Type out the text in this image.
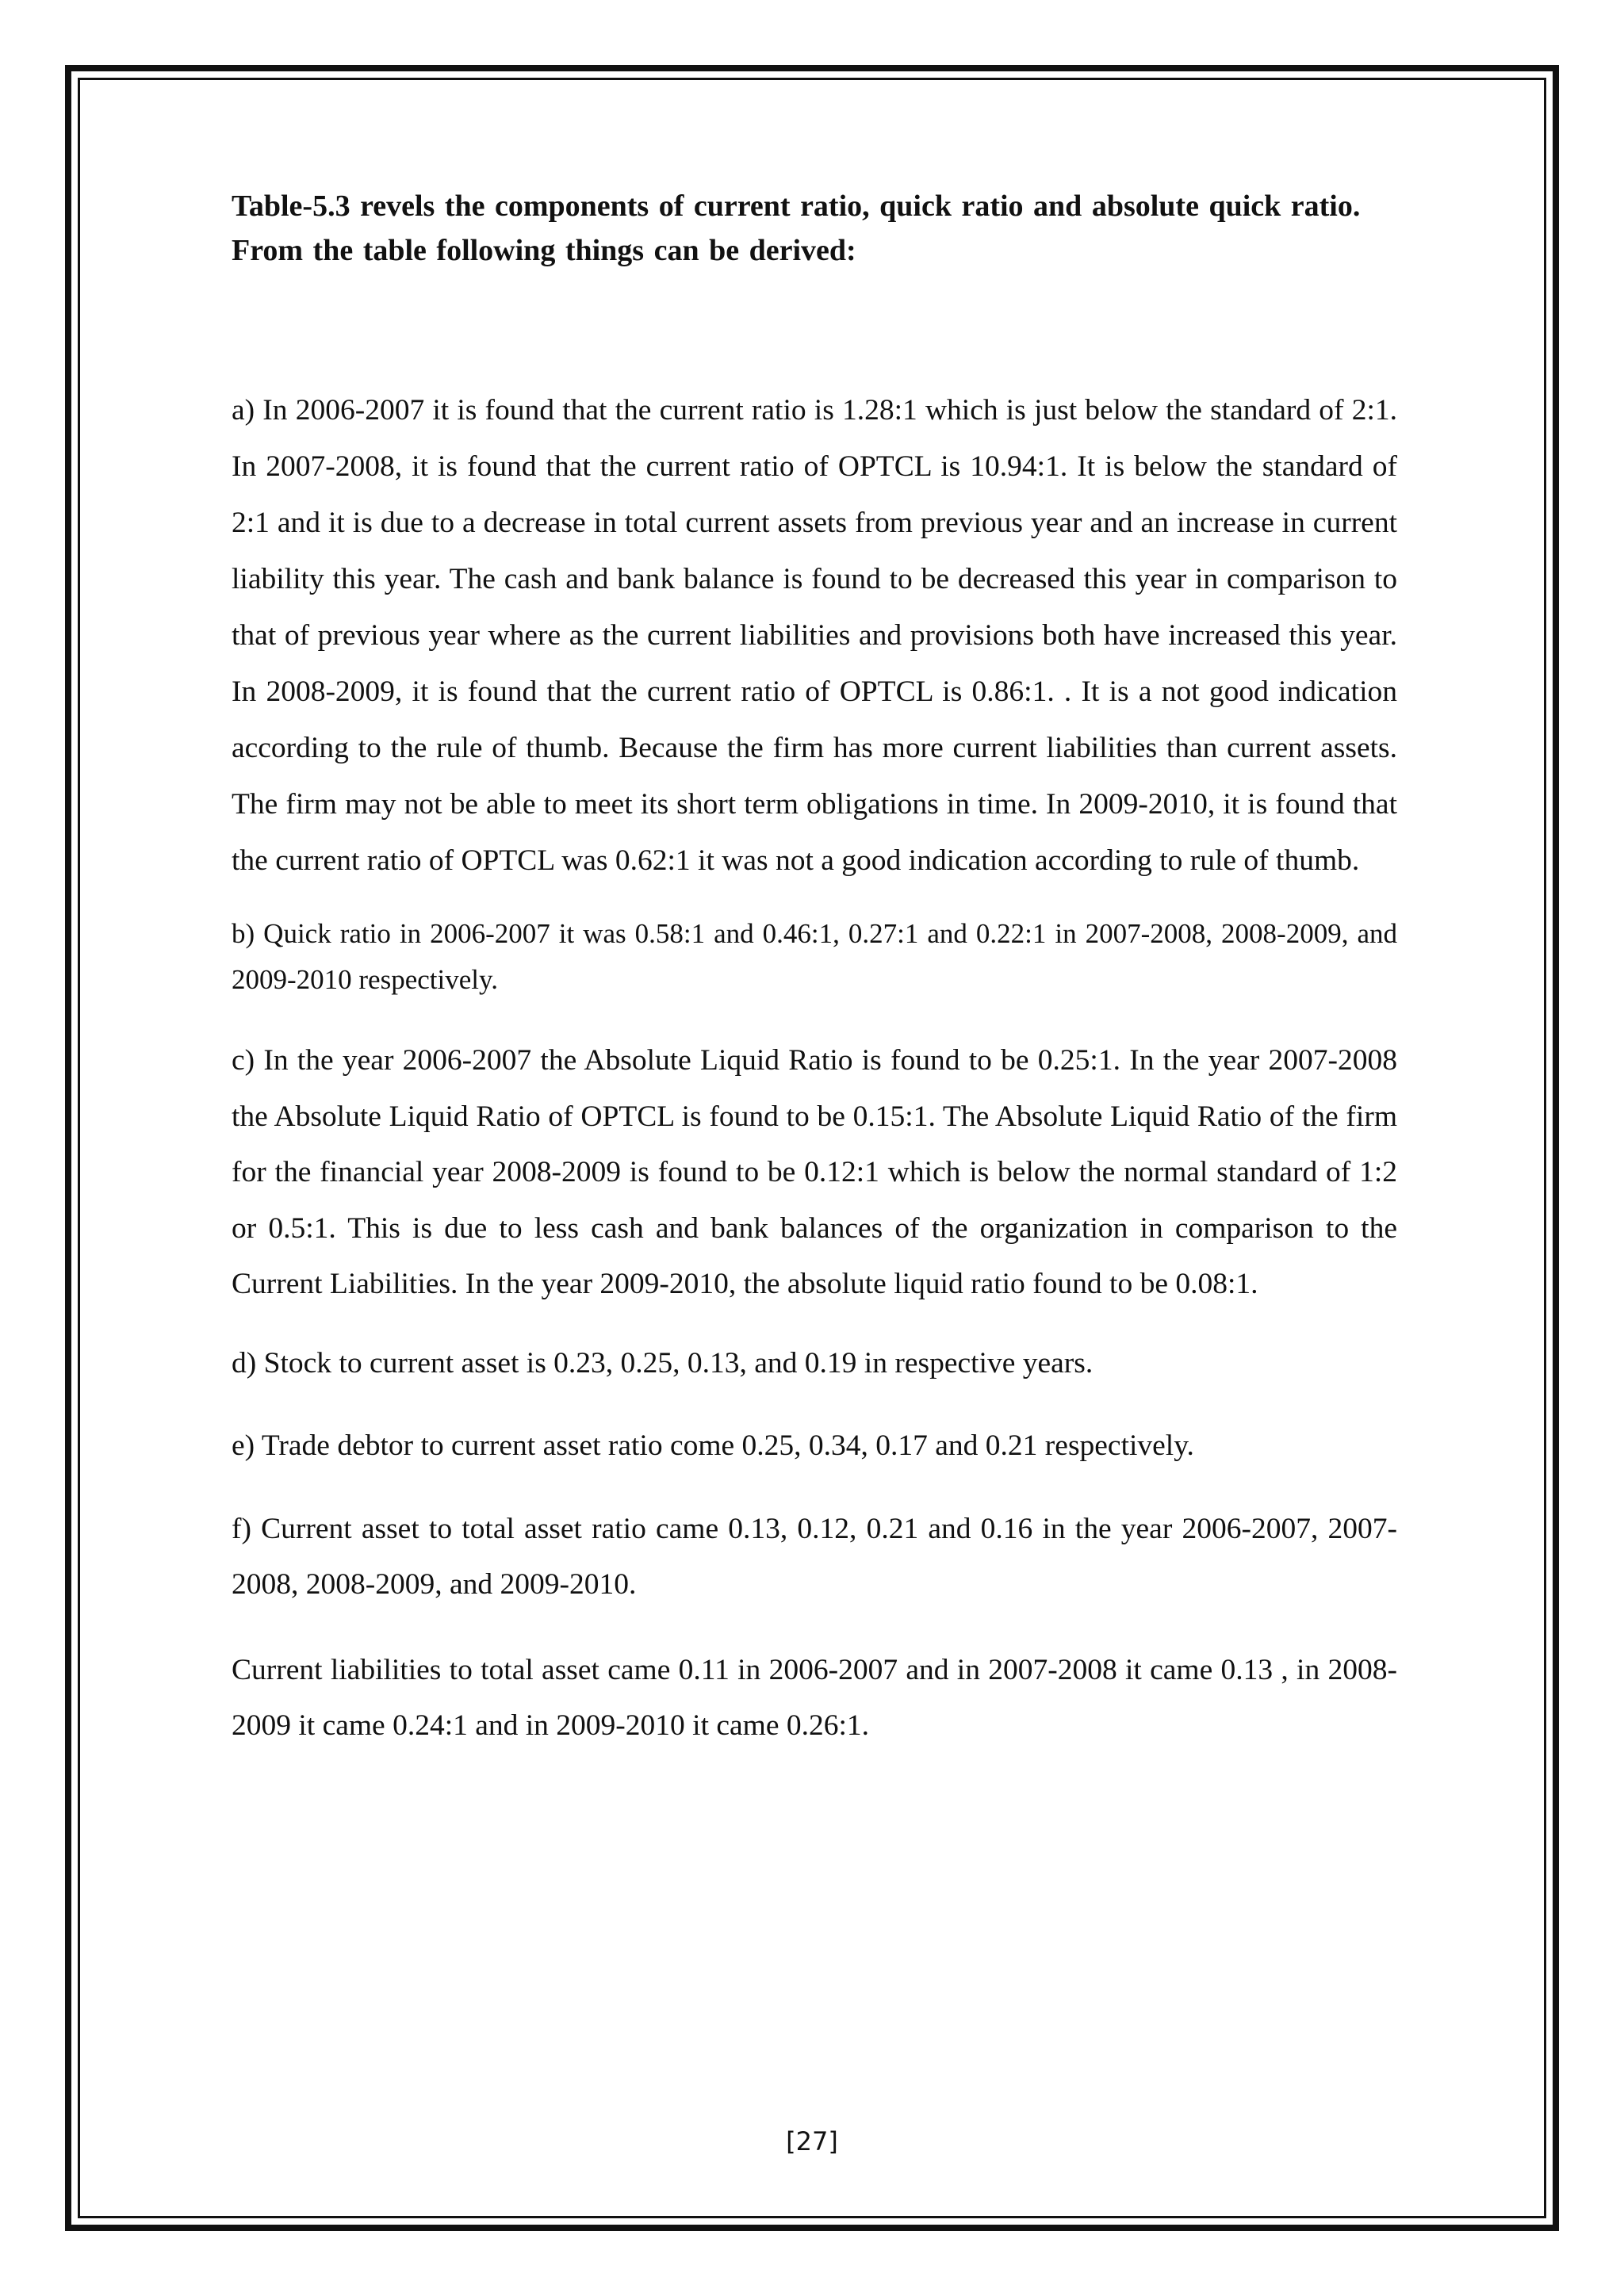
Table-5.3 revels the components of current ratio, quick ratio and absolute quick ratio. From the table following things can be derived:

a) In 2006-2007 it is found that the current ratio is 1.28:1 which is just below the standard of 2:1. In 2007-2008, it is found that the current ratio of OPTCL is 10.94:1. It is below the standard of 2:1 and it is due to a decrease in total current assets from previous year and an increase in current liability this year. The cash and bank balance is found to be decreased this year in comparison to that of previous year where as the current liabilities and provisions both have increased this year. In 2008-2009, it is found that the current ratio of OPTCL is 0.86:1. . It is a not good indication according to the rule of thumb. Because the firm has more current liabilities than current assets. The firm may not be able to meet its short term obligations in time. In 2009-2010, it is found that the current ratio of OPTCL was 0.62:1 it was not a good indication according to rule of thumb.

b) Quick ratio in 2006-2007 it was 0.58:1 and 0.46:1, 0.27:1 and 0.22:1 in 2007-2008, 2008-2009, and 2009-2010 respectively.

c) In the year 2006-2007 the Absolute Liquid Ratio is found to be 0.25:1. In the year 2007-2008 the Absolute Liquid Ratio of OPTCL is found to be 0.15:1. The Absolute Liquid Ratio of the firm for the financial year 2008-2009 is found to be 0.12:1 which is below the normal standard of 1:2 or 0.5:1. This is due to less cash and bank balances of the organization in comparison to the Current Liabilities. In the year 2009-2010, the absolute liquid ratio found to be 0.08:1.

d) Stock to current asset is 0.23, 0.25, 0.13, and 0.19 in respective years.

e) Trade debtor to current asset ratio come 0.25, 0.34, 0.17 and 0.21 respectively.

f) Current asset to total asset ratio came 0.13, 0.12, 0.21 and 0.16 in the year 2006-2007, 2007-2008, 2008-2009, and 2009-2010.

Current liabilities to total asset came 0.11 in 2006-2007 and in 2007-2008 it came 0.13 , in 2008-2009 it came 0.24:1 and in 2009-2010 it came 0.26:1.

[27]
